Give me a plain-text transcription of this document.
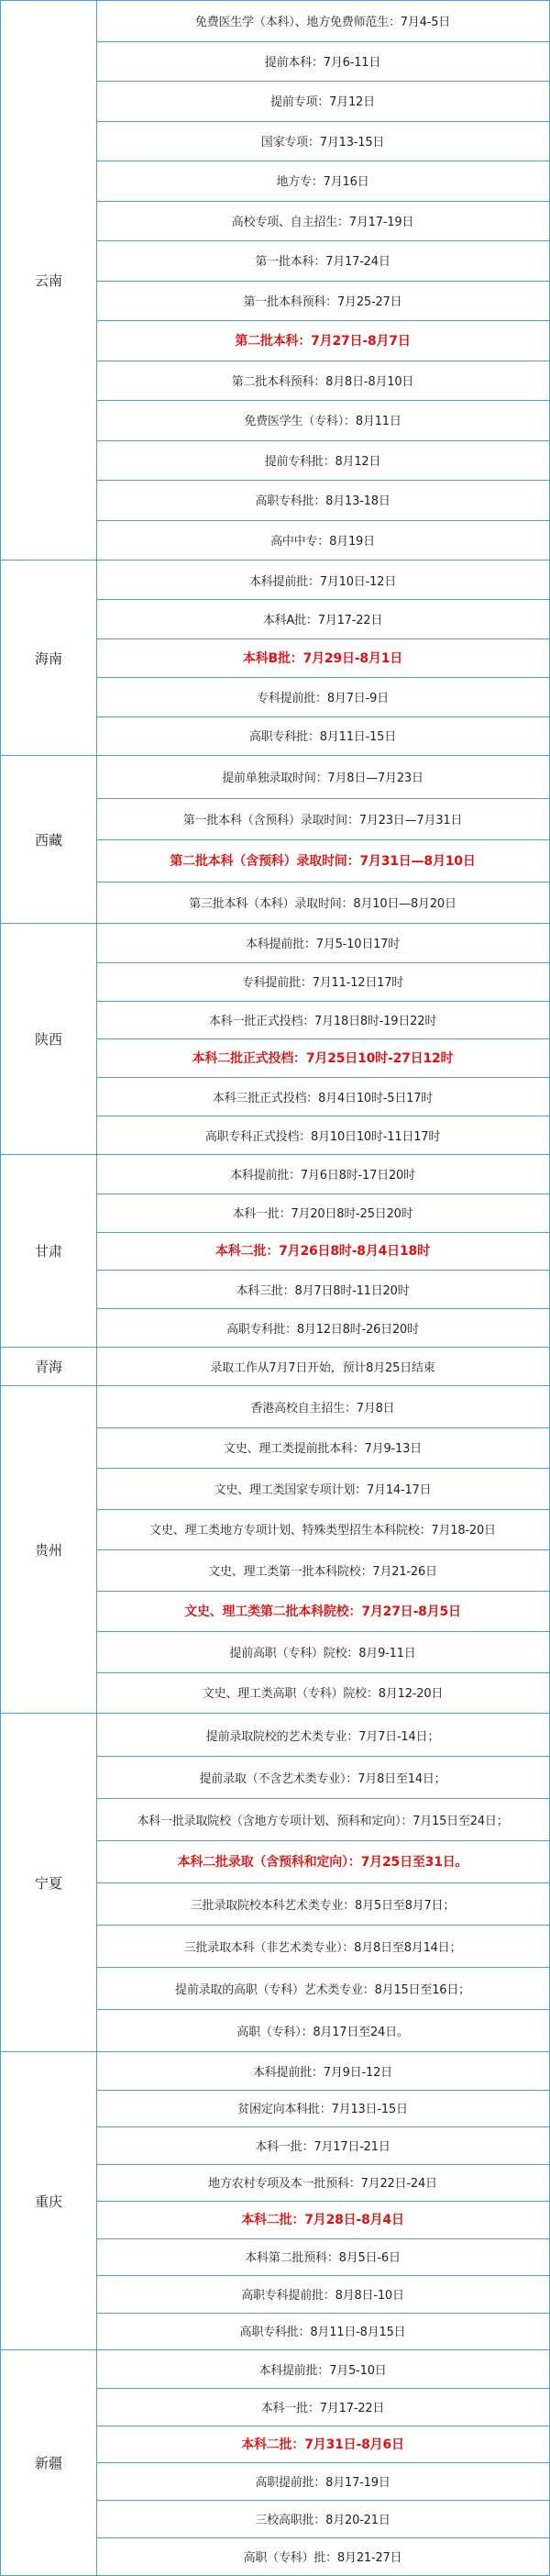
云南
免费医生学（本科）、地方免费师范生：7月4-5日
提前本科：7月6-11日
提前专项：7月12日
国家专项：7月13-15日
地方专：7月16日
高校专项、自主招生：7月17-19日
第一批本科：7月17-24日
第一批本科预科：7月25-27日
第二批本科：7月27日-8月7日
第二批本科预科：8月8日-8月10日
免费医学生（专科）：8月11日
提前专科批：8月12日
高职专科批：8月13-18日
高中中专：8月19日
海南
本科提前批：7月10日-12日
本科A批：7月17-22日
本科B批：7月29日-8月1日
专科提前批：8月7日-9日
高职专科批：8月11日-15日
西藏
提前单独录取时间：7月8日—7月23日
第一批本科（含预科）录取时间：7月23日—7月31日
第二批本科（含预科）录取时间：7月31日—8月10日
第三批本科（本科）录取时间：8月10日—8月20日
陕西
本科提前批：7月5-10日17时
专科提前批：7月11-12日17时
本科一批正式投档：7月18日8时-19日22时
本科二批正式投档：7月25日10时-27日12时
本科三批正式投档：8月4日10时-5日17时
高职专科正式投档：8月10日10时-11日17时
甘肃
本科提前批：7月6日8时-17日20时
本科一批：7月20日8时-25日20时
本科二批：7月26日8时-8月4日18时
本科三批：8月7日8时-11日20时
高职专科批：8月12日8时-26日20时
青海	录取工作从7月7日开始，预计8月25日结束
贵州
香港高校自主招生：7月8日
文史、理工类提前批本科：7月9-13日
文史、理工类国家专项计划：7月14-17日
文史、理工类地方专项计划、特殊类型招生本科院校：7月18-20日
文史、理工类第一批本科院校：7月21-26日
文史、理工类第二批本科院校：7月27日-8月5日
提前高职（专科）院校：8月9-11日
文史、理工类高职（专科）院校：8月12-20日
宁夏
提前录取院校的艺术类专业：7月7日-14日；
提前录取（不含艺术类专业）：7月8日至14日；
本科一批录取院校（含地方专项计划、预科和定向）：7月15日至24日；
本科二批录取（含预科和定向）：7月25日至31日。
三批录取院校本科艺术类专业：8月5日至8月7日；
三批录取本科（非艺术类专业）：8月8日至8月14日；
提前录取的高职（专科）艺术类专业：8月15日至16日；
高职（专科）：8月17日至24日。
重庆
本科提前批：7月9日-12日
贫困定向本科批：7月13日-15日
本科一批：7月17日-21日
地方农村专项及本一批预科：7月22日-24日
本科二批：7月28日-8月4日
本科第二批预科：8月5日-6日
高职专科提前批：8月8日-10日
高职专科批：8月11日-8月15日
新疆
本科提前批：7月5-10日
本科一批：7月17-22日
本科二批：7月31日-8月6日
高职提前批：8月17-19日
三校高职批：8月20-21日
高职（专科）批：8月21-27日
